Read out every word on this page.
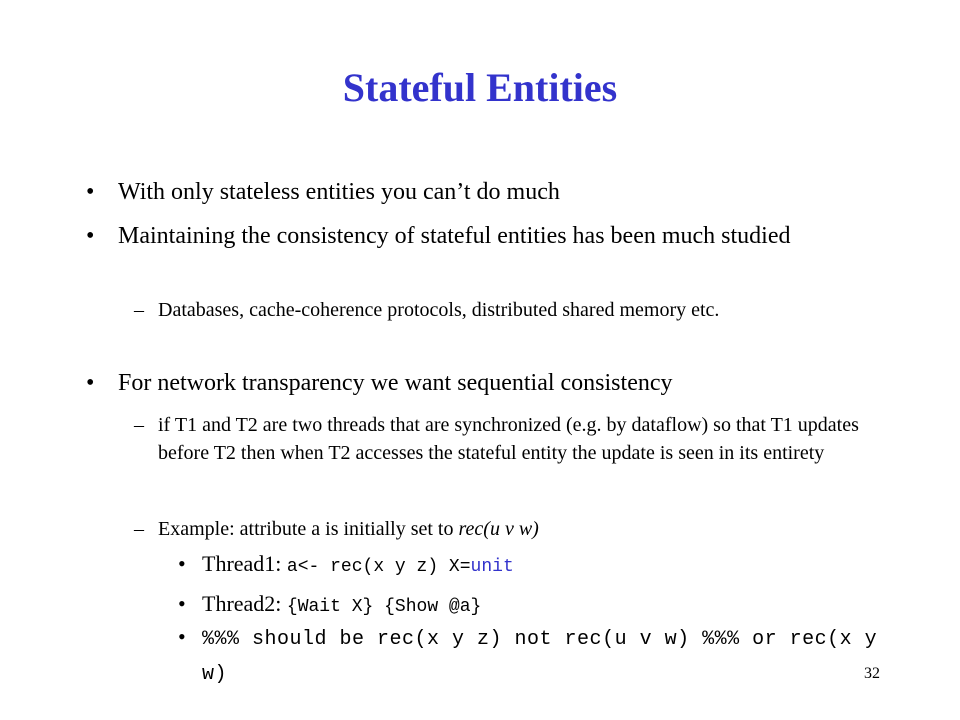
Stateful Entities
• With only stateless entities you can’t do much
• Maintaining the consistency of stateful entities has been much studied
– Databases, cache-coherence protocols, distributed shared memory etc.
• For network transparency we want sequential consistency
– if T1 and T2 are two threads that are synchronized (e.g. by dataflow) so that T1 updates before T2 then when T2 accesses the stateful entity the update is seen in its entirety
– Example: attribute a is initially set to rec(u v w)
• Thread1: a<- rec(x y z) X=unit
• Thread2: {Wait X} {Show @a}
• %%% should be rec(x y z) not rec(u v w) %%% or rec(x y w)	32
